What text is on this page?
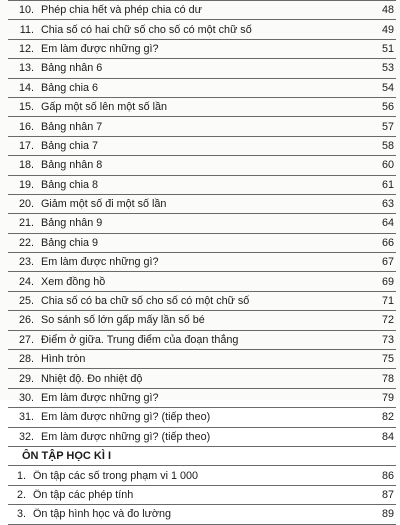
10. Phép chia hết và phép chia có dư	48
11. Chia số có hai chữ số cho số có một chữ số	49
12. Em làm được những gì?	51
13. Bảng nhân 6	53
14. Bảng chia 6	54
15. Gấp một số lên một số lần	56
16. Bảng nhân 7	57
17. Bảng chia 7	58
18. Bảng nhân 8	60
19. Bảng chia 8	61
20. Giảm một số đi một số lần	63
21. Bảng nhân 9	64
22. Bảng chia 9	66
23. Em làm được những gì?	67
24. Xem đồng hồ	69
25. Chia số có ba chữ số cho số có một chữ số	71
26. So sánh số lớn gấp mấy lần số bé	72
27. Điểm ở giữa. Trung điểm của đoạn thẳng	73
28. Hình tròn	75
29. Nhiệt độ. Đo nhiệt độ	78
30. Em làm được những gì?	79
31. Em làm được những gì? (tiếp theo)	82
32. Em làm được những gì? (tiếp theo)	84
ÔN TẬP HỌC KÌ I
1. Ôn tập các số trong phạm vi 1 000	86
2. Ôn tập các phép tính	87
3. Ôn tập hình học và đo lường	89
